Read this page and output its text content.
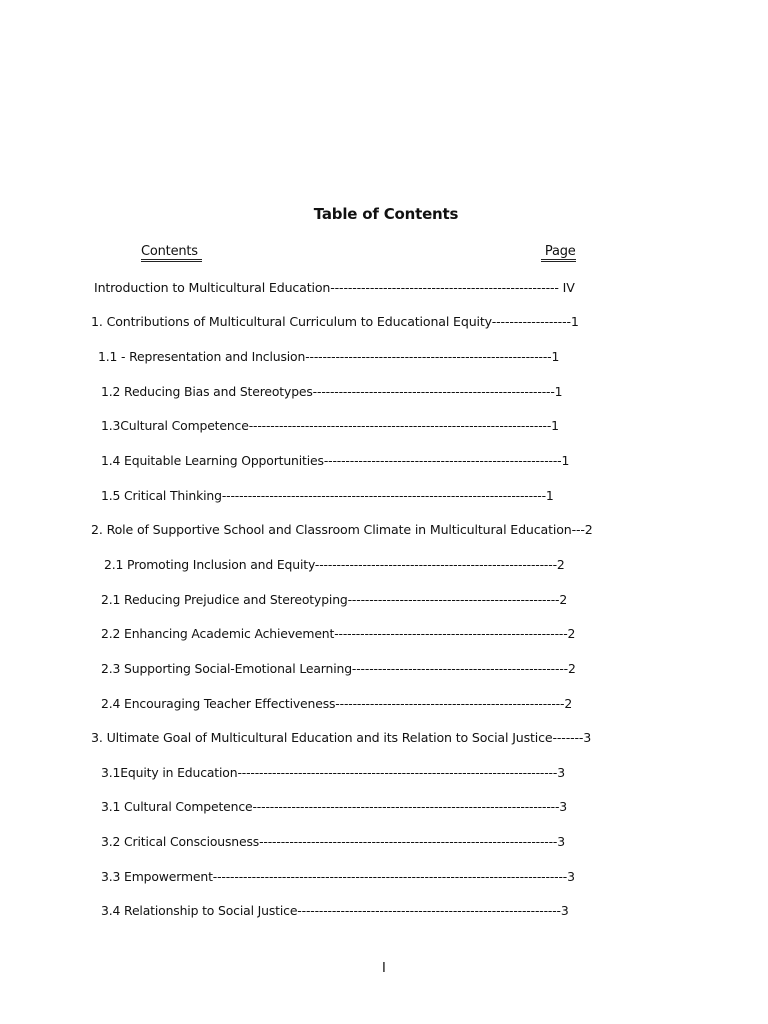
Table of Contents
Contents	Page
Introduction to Multicultural Education---------------------------------------------------- IV
1. Contributions of Multicultural Curriculum to Educational Equity------------------1
1.1 - Representation and Inclusion---------------------------------------------------------1
1.2 Reducing Bias and Stereotypes--------------------------------------------------------1
1.3Cultural Competence----------------------------------------------------------------------1
1.4 Equitable Learning Opportunities-------------------------------------------------------1
1.5 Critical Thinking---------------------------------------------------------------------------1
2. Role of Supportive School and Classroom Climate in Multicultural Education---2
2.1 Promoting Inclusion and Equity--------------------------------------------------------2
2.1 Reducing Prejudice and Stereotyping-------------------------------------------------2
2.2 Enhancing Academic Achievement------------------------------------------------------2
2.3 Supporting Social-Emotional Learning--------------------------------------------------2
2.4 Encouraging Teacher Effectiveness-----------------------------------------------------2
3. Ultimate Goal of Multicultural Education and its Relation to Social Justice-------3
3.1Equity in Education--------------------------------------------------------------------------3
3.1 Cultural Competence-----------------------------------------------------------------------3
3.2 Critical Consciousness---------------------------------------------------------------------3
3.3 Empowerment----------------------------------------------------------------------------------3
3.4 Relationship to Social Justice-------------------------------------------------------------3
I
